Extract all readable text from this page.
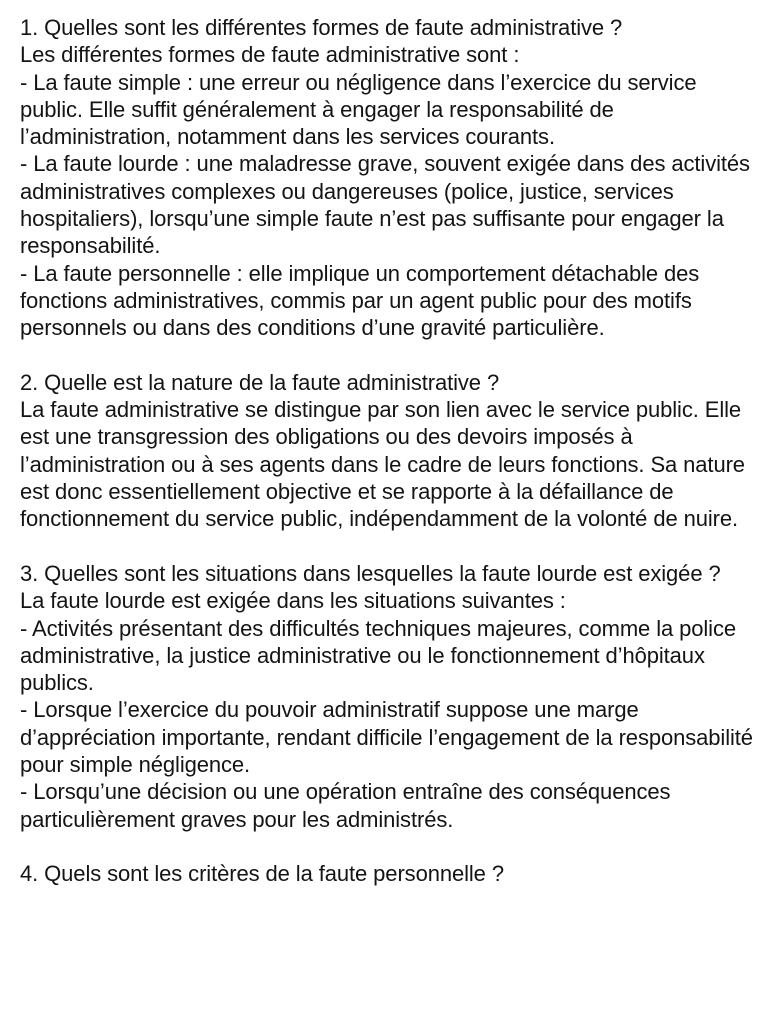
1. Quelles sont les différentes formes de faute administrative ?

Les différentes formes de faute administrative sont :

- La faute simple : une erreur ou négligence dans l’exercice du service public. Elle suffit généralement à engager la responsabilité de l’administration, notamment dans les services courants.

- La faute lourde : une maladresse grave, souvent exigée dans des activités administratives complexes ou dangereuses (police, justice, services hospitaliers), lorsqu’une simple faute n’est pas suffisante pour engager la responsabilité.

- La faute personnelle : elle implique un comportement détachable des fonctions administratives, commis par un agent public pour des motifs personnels ou dans des conditions d’une gravité particulière.

2. Quelle est la nature de la faute administrative ?

La faute administrative se distingue par son lien avec le service public. Elle est une transgression des obligations ou des devoirs imposés à l’administration ou à ses agents dans le cadre de leurs fonctions. Sa nature est donc essentiellement objective et se rapporte à la défaillance de fonctionnement du service public, indépendamment de la volonté de nuire.

3. Quelles sont les situations dans lesquelles la faute lourde est exigée ?

La faute lourde est exigée dans les situations suivantes :

- Activités présentant des difficultés techniques majeures, comme la police administrative, la justice administrative ou le fonctionnement d’hôpitaux publics.

- Lorsque l’exercice du pouvoir administratif suppose une marge d’appréciation importante, rendant difficile l’engagement de la responsabilité pour simple négligence.

- Lorsqu’une décision ou une opération entraîne des conséquences particulièrement graves pour les administrés.

4. Quels sont les critères de la faute personnelle ?
